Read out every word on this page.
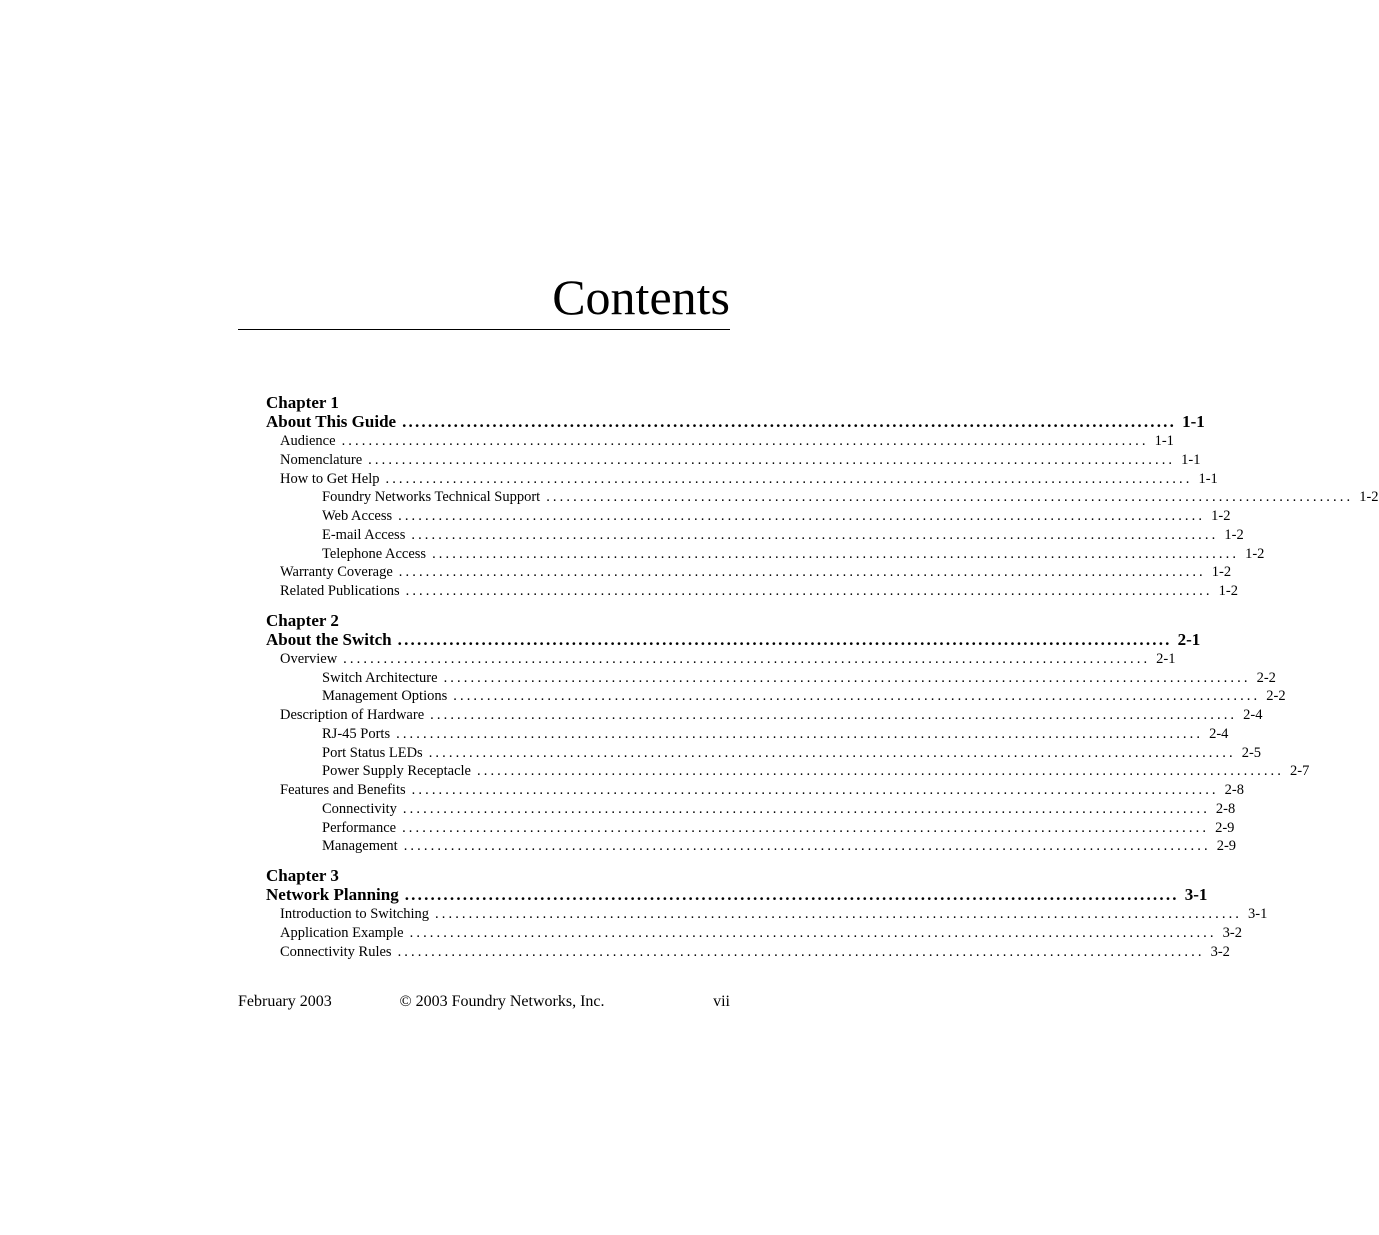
Contents
Chapter 1
About This Guide ........................................................................................................................ 1-1
Audience ........................................................................................................................ 1-1
Nomenclature ........................................................................................................................ 1-1
How to Get Help ........................................................................................................................ 1-1
Foundry Networks Technical Support ........................................................................................................................ 1-2
Web Access ........................................................................................................................ 1-2
E-mail Access ........................................................................................................................ 1-2
Telephone Access ........................................................................................................................ 1-2
Warranty Coverage ........................................................................................................................ 1-2
Related Publications ........................................................................................................................ 1-2
Chapter 2
About the Switch ........................................................................................................................ 2-1
Overview ........................................................................................................................ 2-1
Switch Architecture ........................................................................................................................ 2-2
Management Options ........................................................................................................................ 2-2
Description of Hardware ........................................................................................................................ 2-4
RJ-45 Ports ........................................................................................................................ 2-4
Port Status LEDs ........................................................................................................................ 2-5
Power Supply Receptacle ........................................................................................................................ 2-7
Features and Benefits ........................................................................................................................ 2-8
Connectivity ........................................................................................................................ 2-8
Performance ........................................................................................................................ 2-9
Management ........................................................................................................................ 2-9
Chapter 3
Network Planning ........................................................................................................................ 3-1
Introduction to Switching ........................................................................................................................ 3-1
Application Example ........................................................................................................................ 3-2
Connectivity Rules ........................................................................................................................ 3-2
February 2003	© 2003 Foundry Networks, Inc.	vii
